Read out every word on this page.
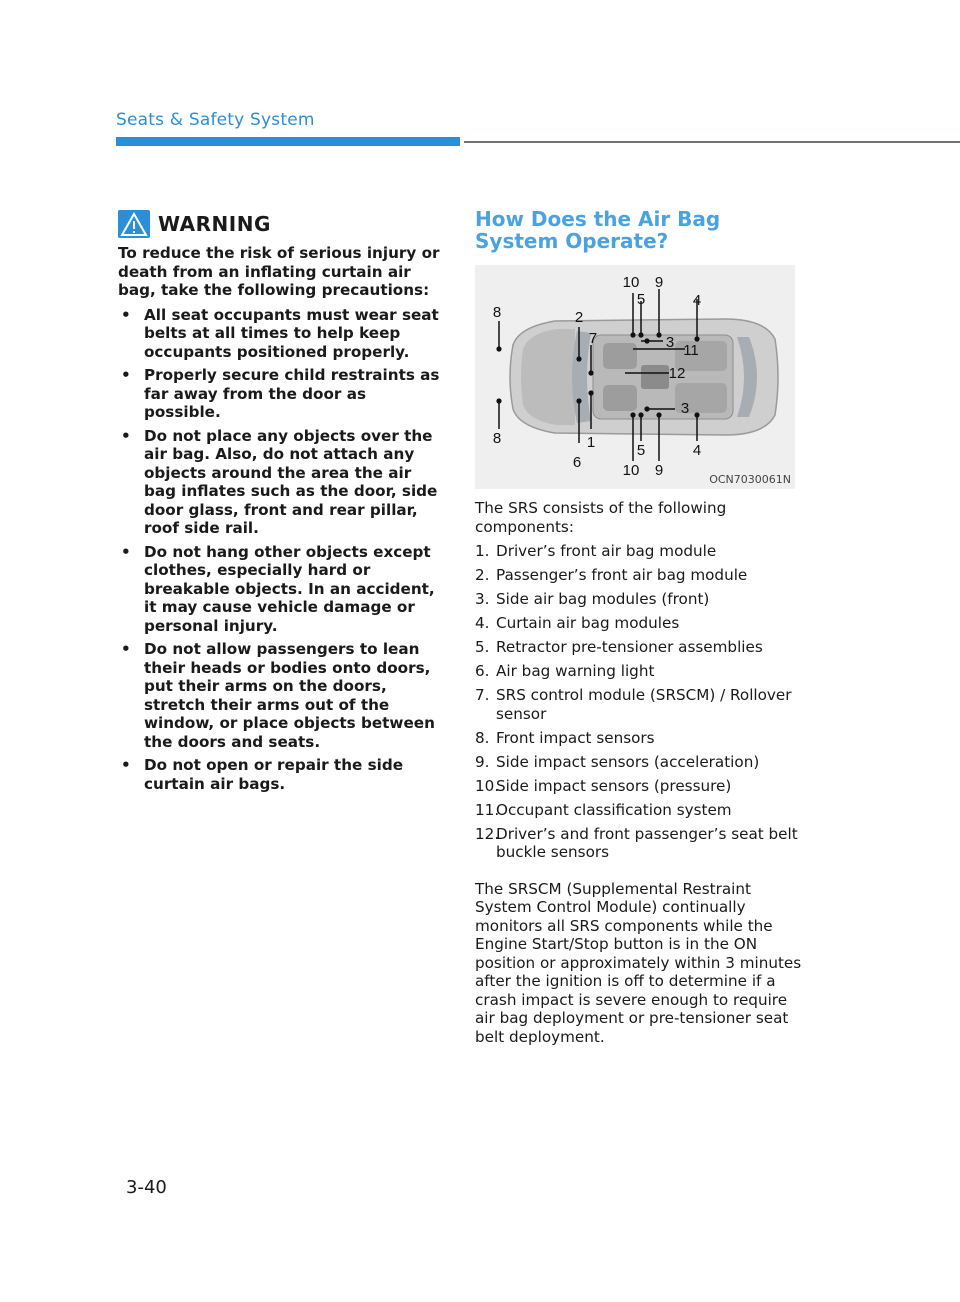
Seats & Safety System
WARNING

To reduce the risk of serious injury or death from an inflating curtain air bag, take the following precautions:

• All seat occupants must wear seat belts at all times to help keep occupants positioned properly.
• Properly secure child restraints as far away from the door as possible.
• Do not place any objects over the air bag. Also, do not attach any objects around the area the air bag inflates such as the door, side door glass, front and rear pillar, roof side rail.
• Do not hang other objects except clothes, especially hard or breakable objects. In an accident, it may cause vehicle damage or personal injury.
• Do not allow passengers to lean their heads or bodies onto doors, put their arms on the doors, stretch their arms out of the window, or place objects between the doors and seats.
• Do not open or repair the side curtain air bags.
How Does the Air Bag System Operate?
10 9
5	4
8	2
7	3 11
12
3
8	1	5	4
6	10 9
OCN7030061N

The SRS consists of the following components:

1. Driver’s front air bag module
2. Passenger’s front air bag module
3. Side air bag modules (front)
4. Curtain air bag modules
5. Retractor pre-tensioner assemblies
6. Air bag warning light
7. SRS control module (SRSCM) / Rollover sensor
8. Front impact sensors
9. Side impact sensors (acceleration)
10.
Side impact sensors (pressure)
11.
Occupant classification system
12.
Driver’s and front passenger’s seat belt buckle sensors

The SRSCM (Supplemental Restraint System Control Module) continually monitors all SRS components while the Engine Start/Stop button is in the ON position or approximately within 3 minutes after the ignition is off to determine if a crash impact is severe enough to require air bag deployment or pre-tensioner seat belt deployment.

3-40
